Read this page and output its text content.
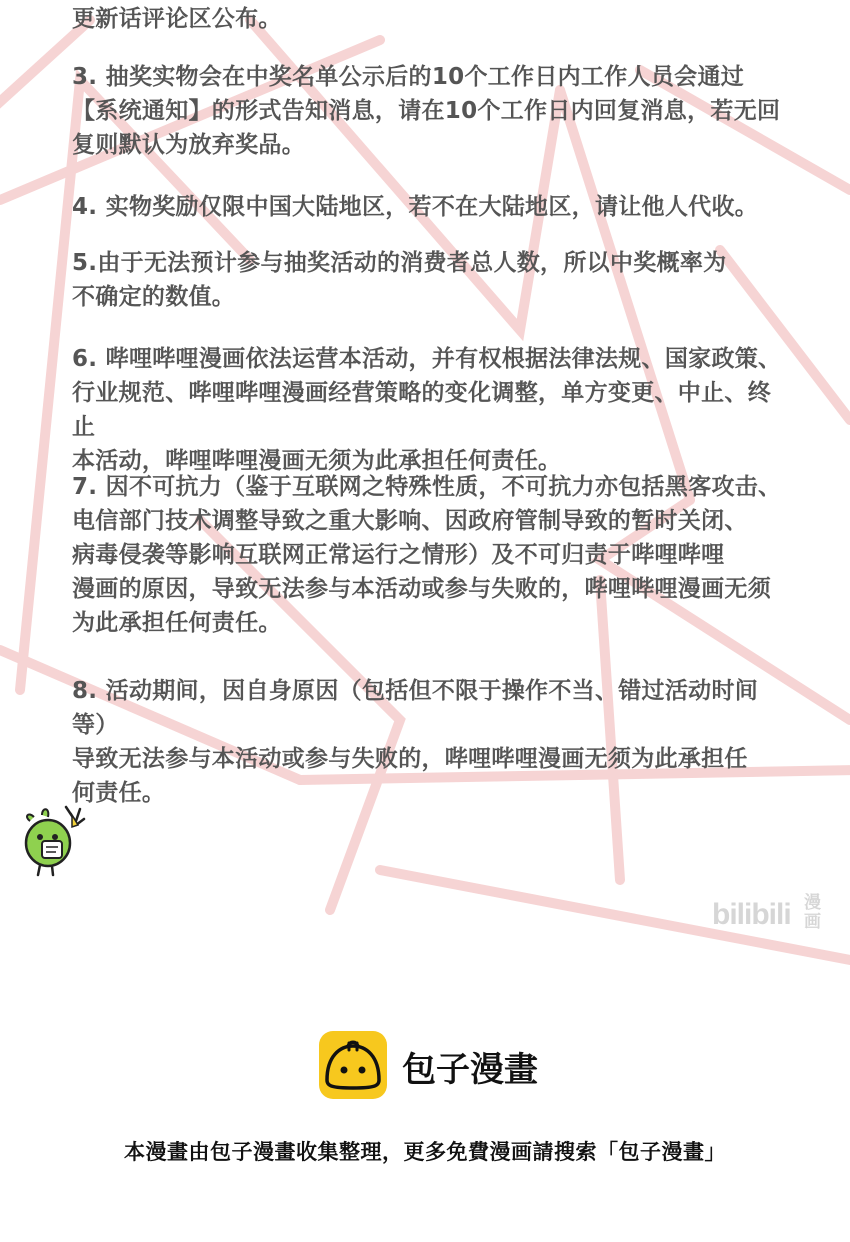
更新话评论区公布。

3. 抽奖实物会在中奖名单公示后的10个工作日内工作人员会通过
【系统通知】的形式告知消息，请在10个工作日内回复消息，若无回
复则默认为放弃奖品。

4. 实物奖励仅限中国大陆地区，若不在大陆地区，请让他人代收。

5.由于无法预计参与抽奖活动的消费者总人数，所以中奖概率为
不确定的数值。

6. 哔哩哔哩漫画依法运营本活动，并有权根据法律法规、国家政策、
行业规范、哔哩哔哩漫画经营策略的变化调整，单方变更、中止、终止
本活动，哔哩哔哩漫画无须为此承担任何责任。

7. 因不可抗力（鉴于互联网之特殊性质，不可抗力亦包括黑客攻击、
电信部门技术调整导致之重大影响、因政府管制导致的暂时关闭、
病毒侵袭等影响互联网正常运行之情形）及不可归责于哔哩哔哩
漫画的原因，导致无法参与本活动或参与失败的，哔哩哔哩漫画无须
为此承担任何责任。

8. 活动期间，因自身原因（包括但不限于操作不当、错过活动时间等）
导致无法参与本活动或参与失败的，哔哩哔哩漫画无须为此承担任
何责任。

bilibili 漫画
包子漫畫
本漫畫由包子漫畫收集整理，更多免費漫画請搜索「包子漫畫」
